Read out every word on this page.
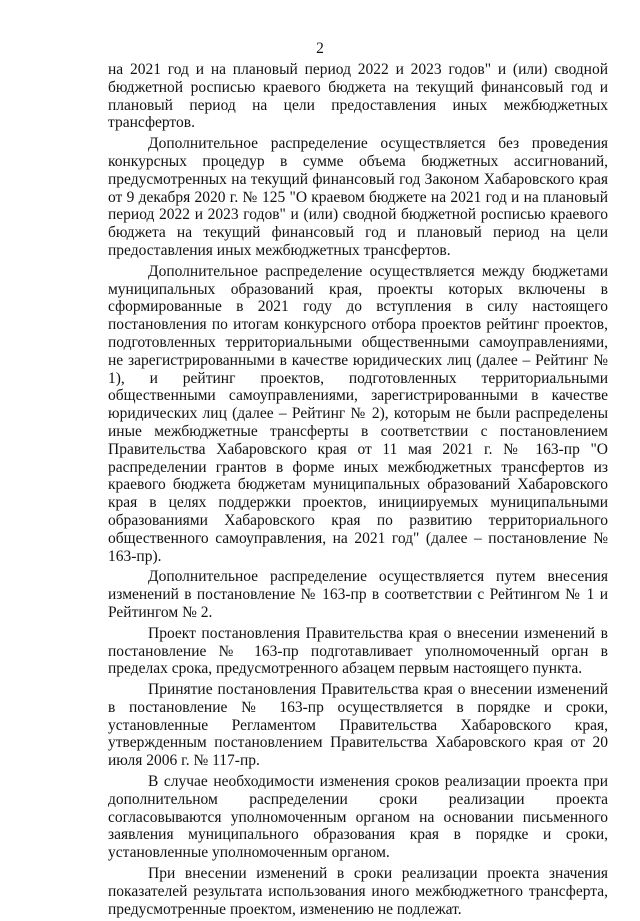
2

на 2021 год и на плановый период 2022 и 2023 годов" и (или) сводной бюджетной росписью краевого бюджета на текущий финансовый год и плановый период на цели предоставления иных межбюджетных трансфертов.

Дополнительное распределение осуществляется без проведения конкурсных процедур в сумме объема бюджетных ассигнований, предусмотренных на текущий финансовый год Законом Хабаровского края от 9 декабря 2020 г. № 125 "О краевом бюджете на 2021 год и на плановый период 2022 и 2023 годов" и (или) сводной бюджетной росписью краевого бюджета на текущий финансовый год и плановый период на цели предоставления иных межбюджетных трансфертов.

Дополнительное распределение осуществляется между бюджетами муниципальных образований края, проекты которых включены в сформированные в 2021 году до вступления в силу настоящего постановления по итогам конкурсного отбора проектов рейтинг проектов, подготовленных территориальными общественными самоуправлениями, не зарегистрированными в качестве юридических лиц (далее – Рейтинг № 1), и рейтинг проектов, подготовленных территориальными общественными самоуправлениями, зарегистрированными в качестве юридических лиц (далее – Рейтинг № 2), которым не были распределены иные межбюджетные трансферты в соответствии с постановлением Правительства Хабаровского края от 11 мая 2021 г. № 163-пр "О распределении грантов в форме иных межбюджетных трансфертов из краевого бюджета бюджетам муниципальных образований Хабаровского края в целях поддержки проектов, инициируемых муниципальными образованиями Хабаровского края по развитию территориального общественного самоуправления, на 2021 год" (далее – постановление № 163-пр).

Дополнительное распределение осуществляется путем внесения изменений в постановление № 163-пр в соответствии с Рейтингом № 1 и Рейтингом № 2.

Проект постановления Правительства края о внесении изменений в постановление № 163-пр подготавливает уполномоченный орган в пределах срока, предусмотренного абзацем первым настоящего пункта.

Принятие постановления Правительства края о внесении изменений в постановление № 163-пр осуществляется в порядке и сроки, установленные Регламентом Правительства Хабаровского края, утвержденным постановлением Правительства Хабаровского края от 20 июля 2006 г. № 117-пр.

В случае необходимости изменения сроков реализации проекта при дополнительном распределении сроки реализации проекта согласовываются уполномоченным органом на основании письменного заявления муниципального образования края в порядке и сроки, установленные уполномоченным органом.

При внесении изменений в сроки реализации проекта значения показателей результата использования иного межбюджетного трансферта, предусмотренные проектом, изменению не подлежат.
